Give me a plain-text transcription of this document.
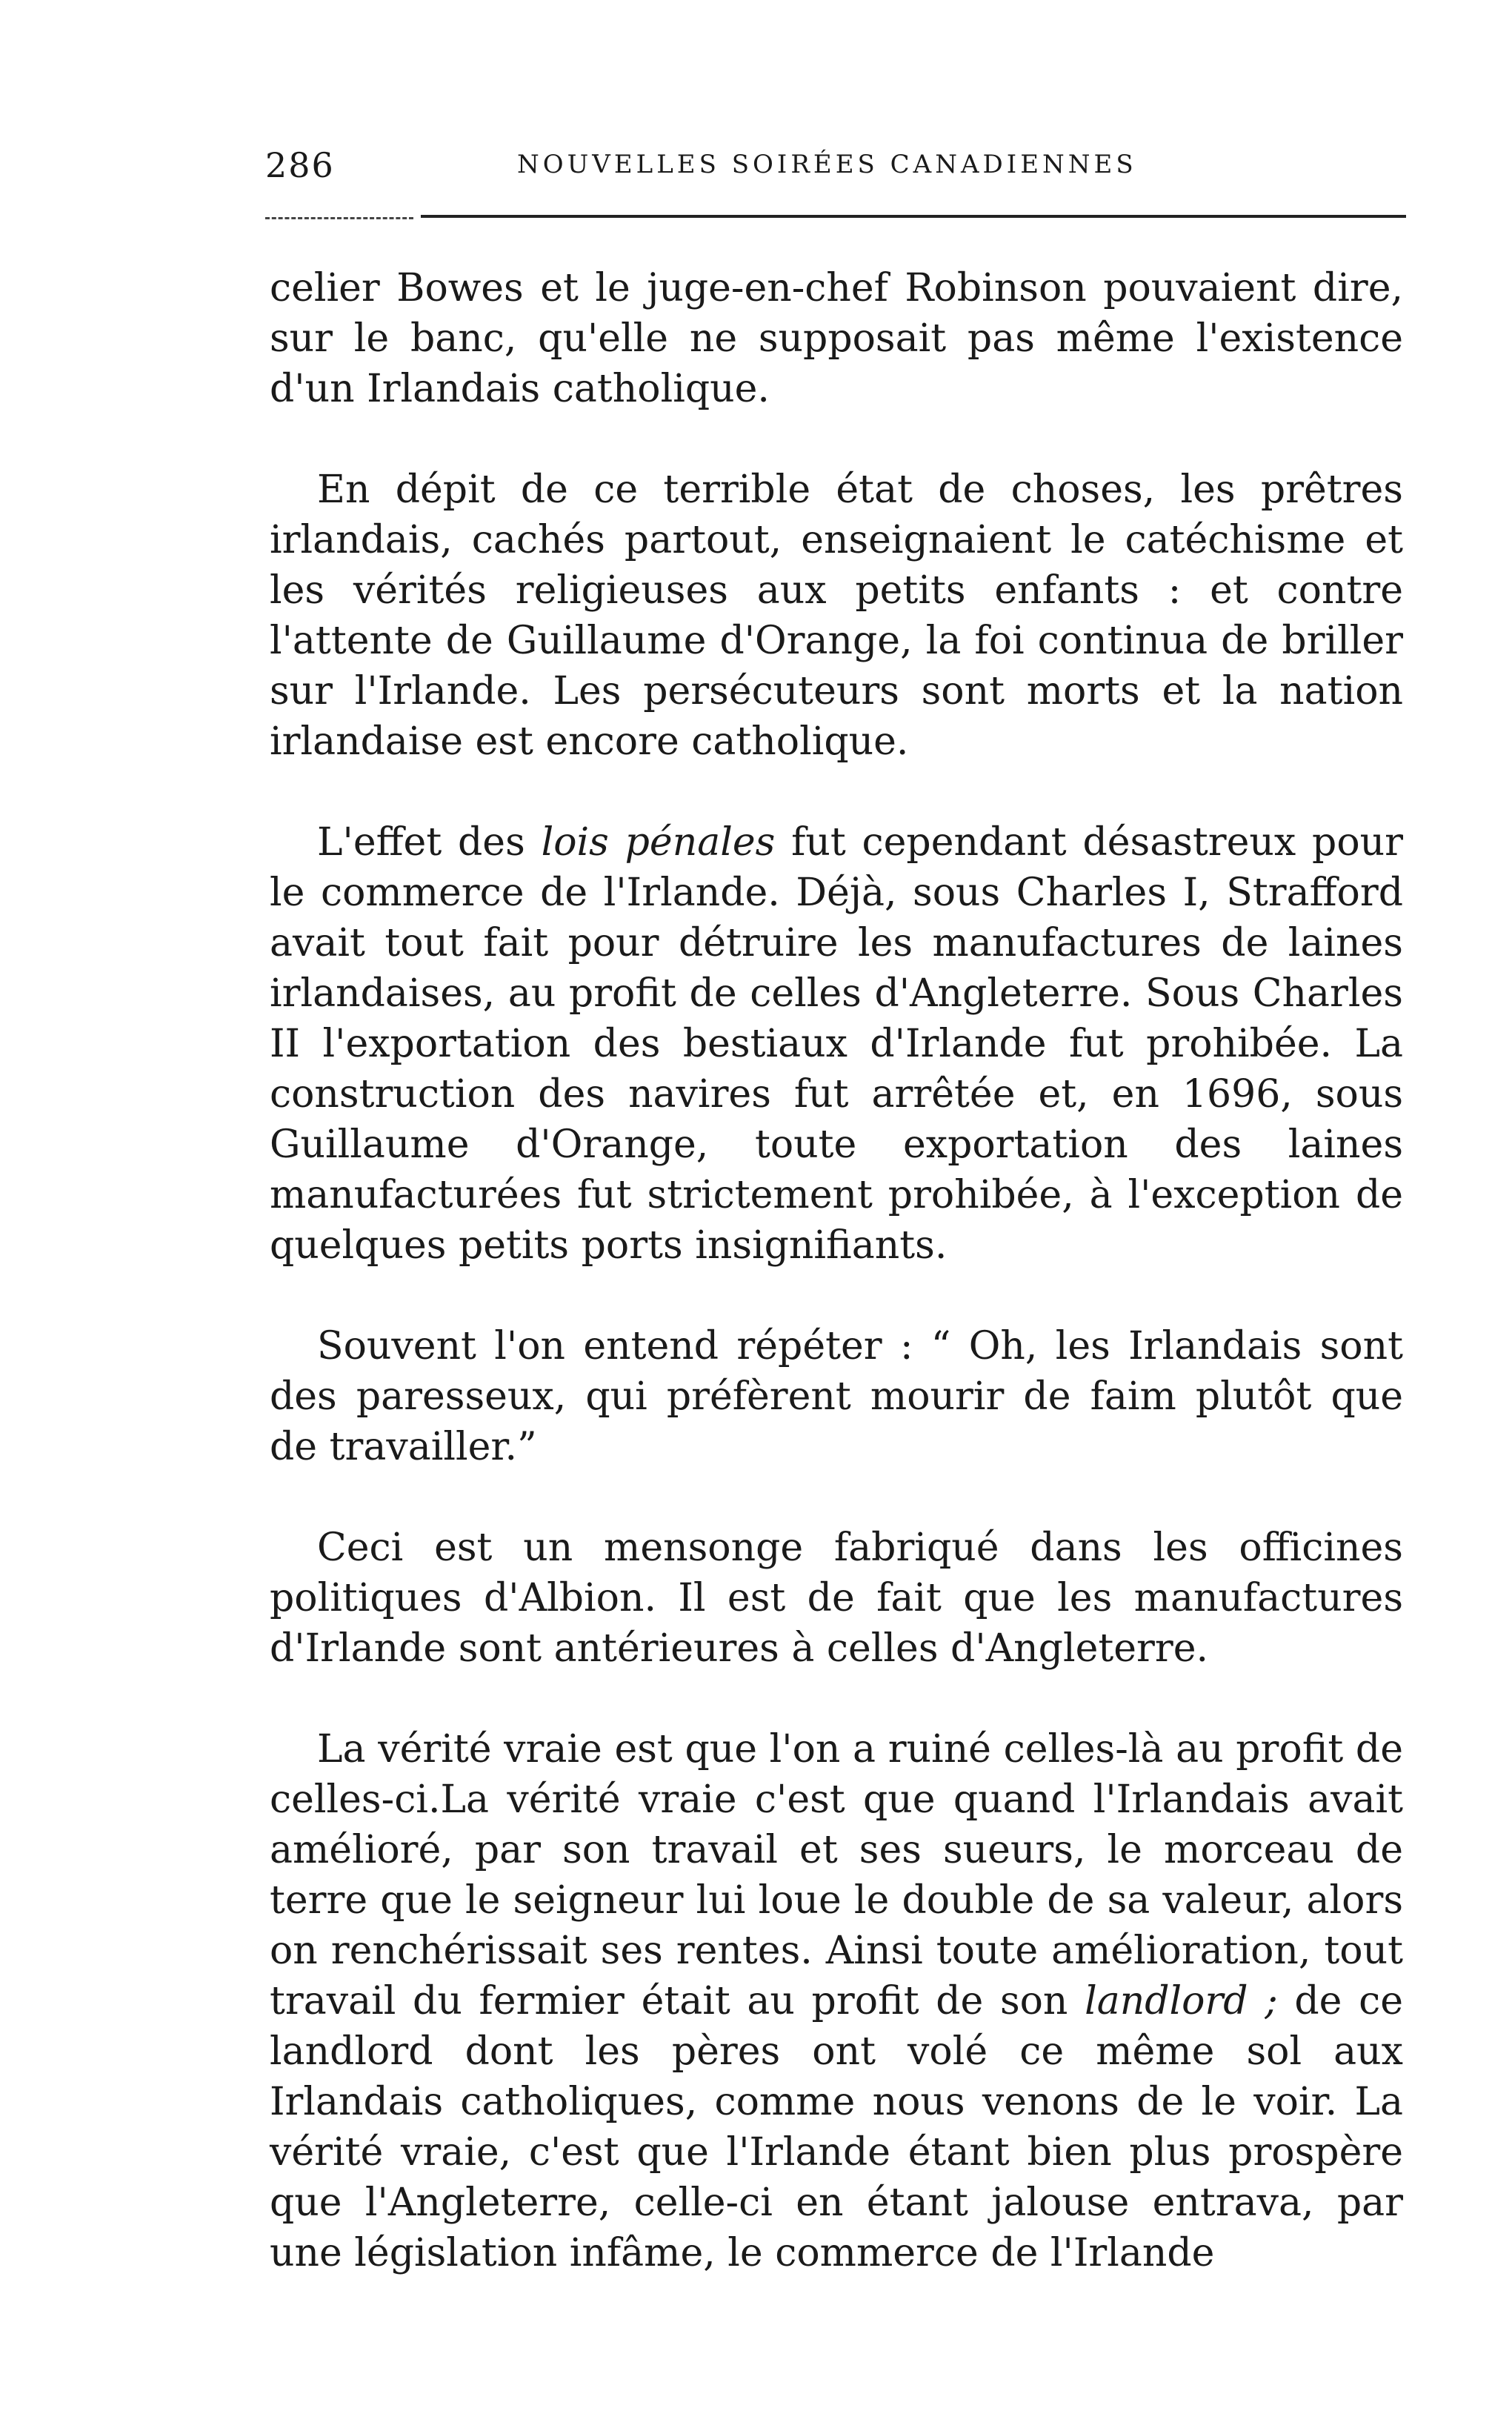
286	NOUVELLES SOIRÉES CANADIENNES

celier Bowes et le juge-en-chef Robinson pouvaient dire, sur le banc, qu'elle ne supposait pas même l'existence d'un Irlandais catholique.

En dépit de ce terrible état de choses, les prêtres irlandais, cachés partout, enseignaient le catéchisme et les vérités religieuses aux petits enfants : et contre l'attente de Guillaume d'Orange, la foi continua de briller sur l'Irlande. Les persécuteurs sont morts et la nation irlandaise est encore catholique.

L'effet des lois pénales fut cependant désastreux pour le commerce de l'Irlande. Déjà, sous Charles I, Strafford avait tout fait pour détruire les manufactures de laines irlandaises, au profit de celles d'Angleterre. Sous Charles II l'exportation des bestiaux d'Irlande fut prohibée. La construction des navires fut arrêtée et, en 1696, sous Guillaume d'Orange, toute exportation des laines manufacturées fut strictement prohibée, à l'exception de quelques petits ports insignifiants.

Souvent l'on entend répéter : “ Oh, les Irlandais sont des paresseux, qui préfèrent mourir de faim plutôt que de travailler.”

Ceci est un mensonge fabriqué dans les officines politiques d'Albion. Il est de fait que les manufactures d'Irlande sont antérieures à celles d'Angleterre.

La vérité vraie est que l'on a ruiné celles-là au profit de celles-ci.La vérité vraie c'est que quand l'Irlandais avait amélioré, par son travail et ses sueurs, le morceau de terre que le seigneur lui loue le double de sa valeur, alors on renchérissait ses rentes. Ainsi toute amélioration, tout travail du fermier était au profit de son landlord ; de ce landlord dont les pères ont volé ce même sol aux Irlandais catholiques, comme nous venons de le voir. La vérité vraie, c'est que l'Irlande étant bien plus prospère que l'Angleterre, celle-ci en étant jalouse entrava, par une législation infâme, le commerce de l'Irlande
